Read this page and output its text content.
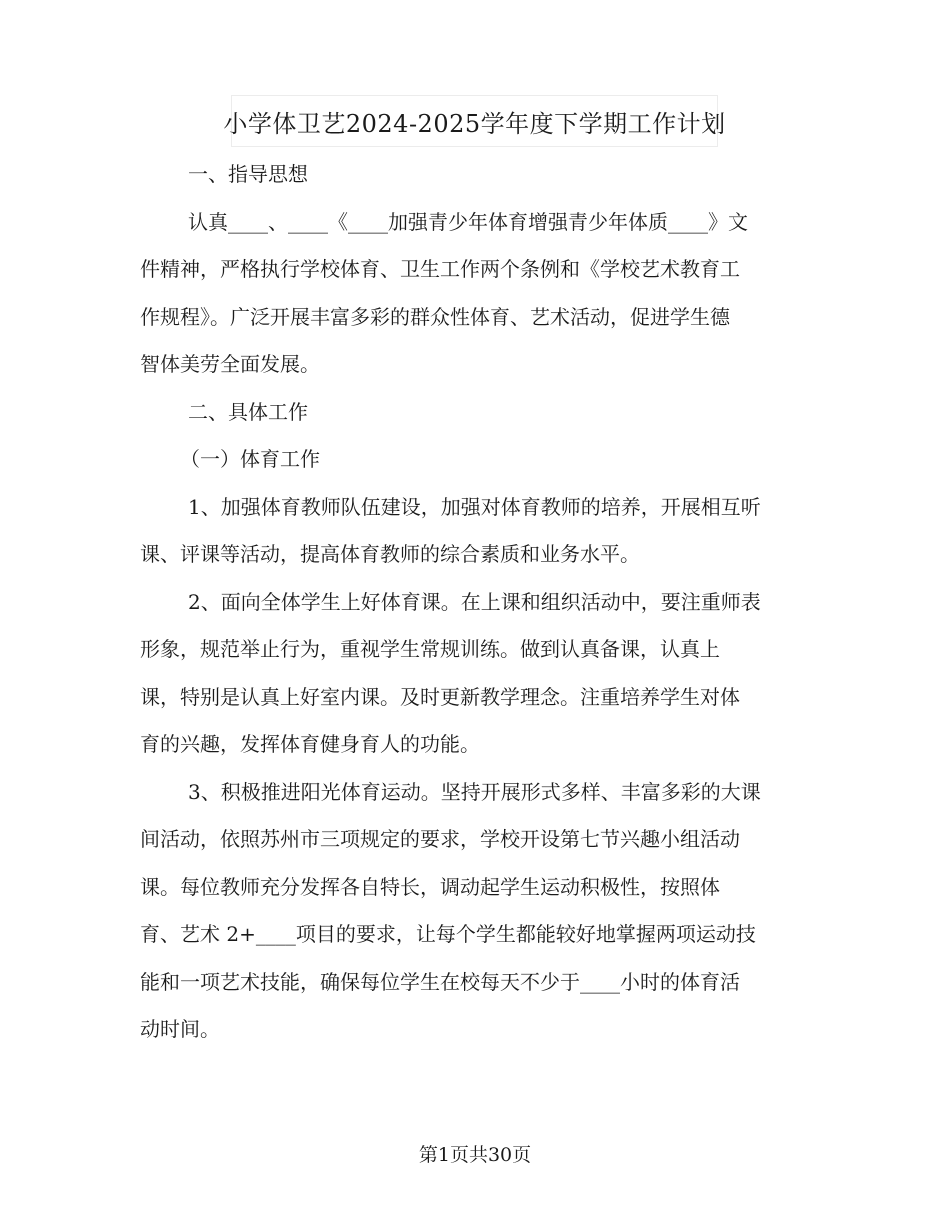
小学体卫艺2024-2025学年度下学期工作计划

一、指导思想

认真____、____《____加强青少年体育增强青少年体质____》文
件精神，严格执行学校体育、卫生工作两个条例和《学校艺术教育工
作规程》。广泛开展丰富多彩的群众性体育、艺术活动，促进学生德
智体美劳全面发展。

二、具体工作

（一）体育工作

1、加强体育教师队伍建设，加强对体育教师的培养，开展相互听
课、评课等活动，提高体育教师的综合素质和业务水平。

2、面向全体学生上好体育课。在上课和组织活动中，要注重师表
形象，规范举止行为，重视学生常规训练。做到认真备课，认真上
课，特别是认真上好室内课。及时更新教学理念。注重培养学生对体
育的兴趣，发挥体育健身育人的功能。

3、积极推进阳光体育运动。坚持开展形式多样、丰富多彩的大课
间活动，依照苏州市三项规定的要求，学校开设第七节兴趣小组活动
课。每位教师充分发挥各自特长，调动起学生运动积极性，按照体
育、艺术 2+____项目的要求，让每个学生都能较好地掌握两项运动技
能和一项艺术技能，确保每位学生在校每天不少于____小时的体育活
动时间。

第1页共30页
